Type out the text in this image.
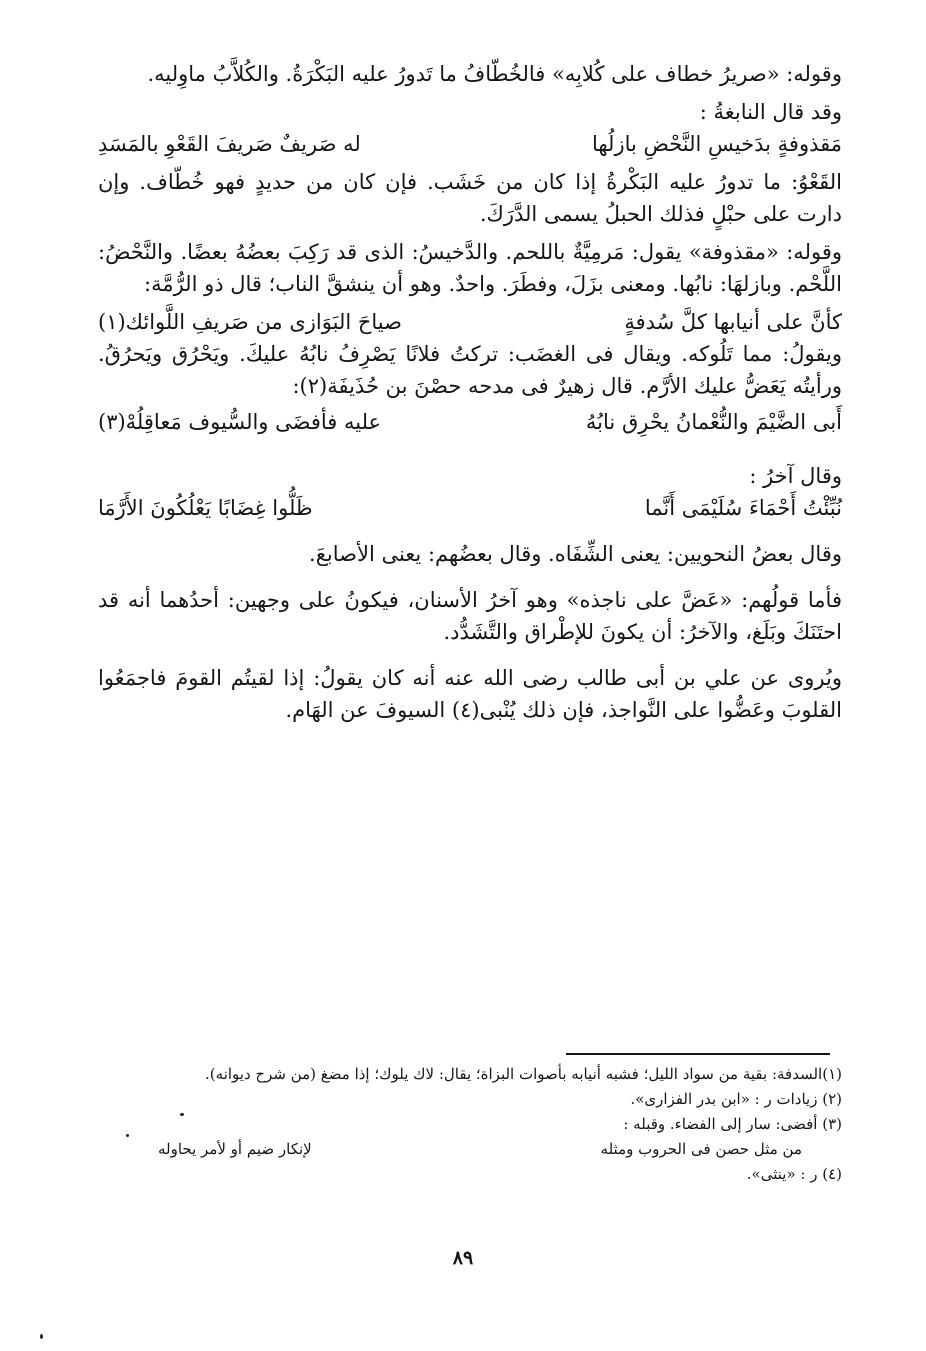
وقوله: «صريرُ خطاف على كُلابِه» فالخُطّافُ ما تَدورُ عليه البَكْرَةُ. والكُلاَّبُ ماوِليه.

وقد قال النابغةُ :

مَقذوفةٍ بدَخيسِ النَّحْضِ بازلُها
له صَريفٌ صَريفَ القَعْوِ بالمَسَدِ

القَعْوُ: ما تدورُ عليه البَكْرةُ إذا كان من خَشَب. فإن كان من حديدٍ فهو خُطّاف. وإن دارت على حبْلٍ فذلك الحبلُ يسمى الدَّرَكَ.

وقوله: «مقذوفة» يقول: مَرمِيَّةٌ باللحم. والدَّخيسُ: الذى قد رَكِبَ بعضُهُ بعضًا. والنَّحْضُ: اللَّحْم. وبازلهَا: نابُها. ومعنى بزَلَ، وفطَرَ. واحدٌ. وهو أن ينشقَّ الناب؛ قال ذو الرُّمَّة:

كأنَّ على أنيابها كلَّ سُدفةٍ
صياحَ البَوَازى من صَريفِ اللَّوائك(١)

ويقولُ: مما تَلُوكه. ويقال فى الغضَب: تركتُ فلانًا يَصْرِفُ نابُهُ عليكَ. ويَحْرُق ويَحرُقُ. ورأيتُه يَعَضُّ عليك الأرَّم. قال زهيرٌ فى مدحه حصْنَ بن حُذَيفَة(٢):

أَبى الضَّيْمَ والنُّعْمانُ يحْرِق نابُهُ
عليه فأفضَى والسُّيوف مَعاقِلُهْ(٣)

وقال آخرُ :

نُبِّئْتُ أَحْمَاءَ سُلَيْمَى أَنَّما
ظَلُّوا غِضَابًا يَعْلُكُونَ الأَرَّمَا

وقال بعضُ النحويين: يعنى الشِّفَاه. وقال بعضُهم: يعنى الأصابعَ.

فأما قولُهم: «عَضَّ على ناجذه» وهو آخرُ الأسنان، فيكونُ على وجهين: أحدُهما أنه قد احتَنَكَ وبَلَغ، والآخرُ: أن يكونَ للإطْراق والتَّشَدُّد.

ويُروى عن علي بن أبى طالب رضى الله عنه أنه كان يقولُ: إذا لقيتُم القومَ فاجمَعُوا القلوبَ وعَضُّوا على النَّواجذ، فإن ذلك يُنْبى(٤) السيوفَ عن الهَام.

(١)السدفة: بقية من سواد الليل؛ فشبه أنيابه بأصوات البزاة؛ يقال: لاك يلوك؛ إذا مضغ (من شرح ديوانه).

(٢) زيادات ر : «ابن بدر الفزارى».

(٣) أفضى: سار إلى الفضاء. وقبله :

من مثل حصن فى الحروب ومثله
لإنكار ضيم أو لأمر يحاوله

(٤) ر : «ينثى».

٨٩
